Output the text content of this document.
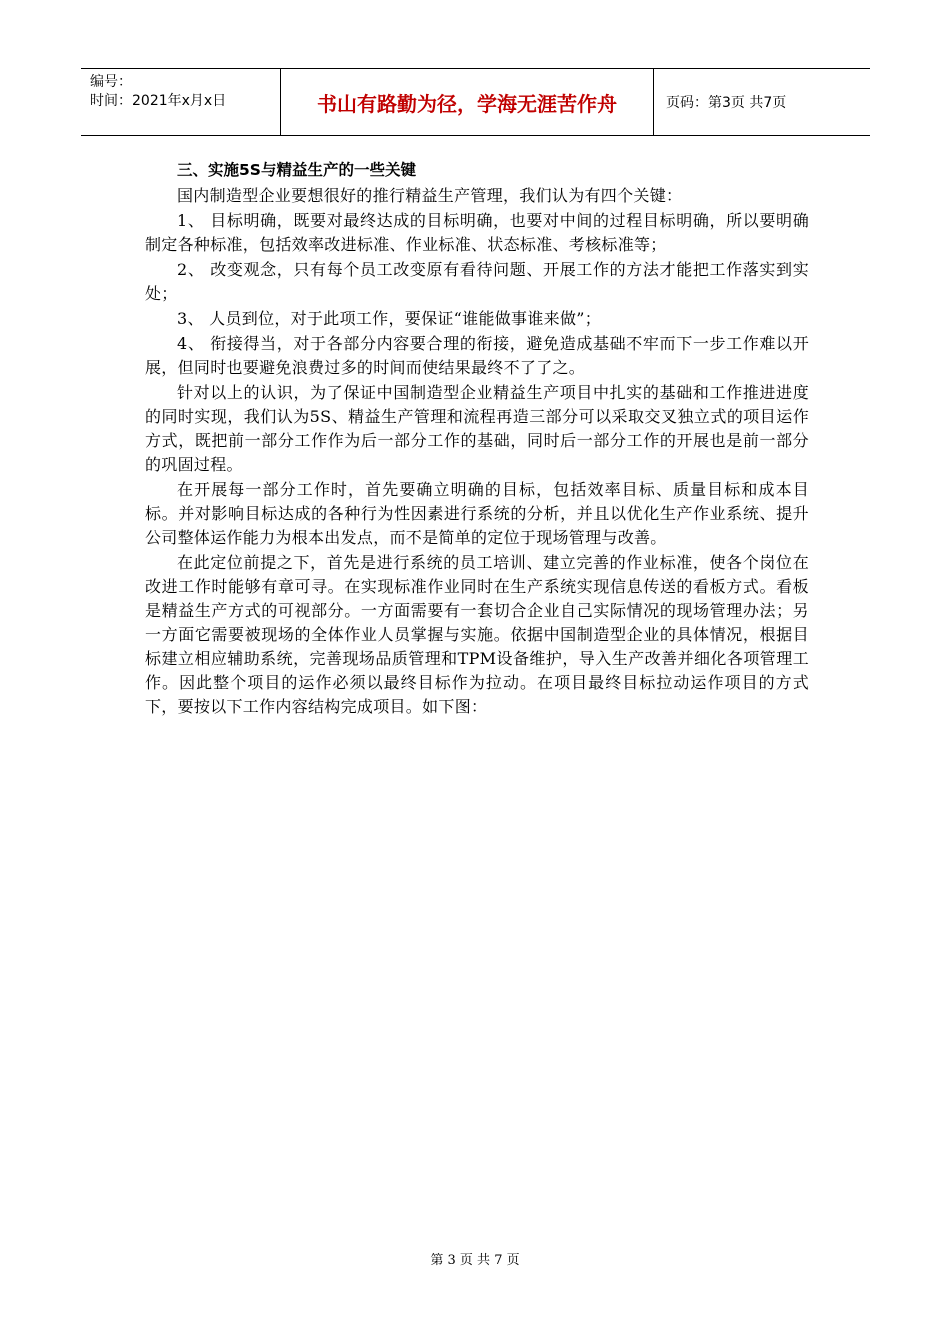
编号：
时间：2021年x月x日	书山有路勤为径，学海无涯苦作舟	页码：第3页 共7页

三、实施5S与精益生产的一些关键

国内制造型企业要想很好的推行精益生产管理，我们认为有四个关键：

1、 目标明确，既要对最终达成的目标明确，也要对中间的过程目标明确，所以要明确制定各种标准，包括效率改进标准、作业标准、状态标准、考核标准等；

2、 改变观念，只有每个员工改变原有看待问题、开展工作的方法才能把工作落实到实处；

3、 人员到位，对于此项工作，要保证“谁能做事谁来做”；

4、 衔接得当，对于各部分内容要合理的衔接，避免造成基础不牢而下一步工作难以开展，但同时也要避免浪费过多的时间而使结果最终不了了之。

针对以上的认识，为了保证中国制造型企业精益生产项目中扎实的基础和工作推进进度的同时实现，我们认为5S、精益生产管理和流程再造三部分可以采取交叉独立式的项目运作方式，既把前一部分工作作为后一部分工作的基础，同时后一部分工作的开展也是前一部分的巩固过程。

在开展每一部分工作时，首先要确立明确的目标，包括效率目标、质量目标和成本目标。并对影响目标达成的各种行为性因素进行系统的分析，并且以优化生产作业系统、提升公司整体运作能力为根本出发点，而不是简单的定位于现场管理与改善。

在此定位前提之下，首先是进行系统的员工培训、建立完善的作业标准，使各个岗位在改进工作时能够有章可寻。在实现标准作业同时在生产系统实现信息传送的看板方式。看板是精益生产方式的可视部分。一方面需要有一套切合企业自己实际情况的现场管理办法；另一方面它需要被现场的全体作业人员掌握与实施。依据中国制造型企业的具体情况，根据目标建立相应辅助系统，完善现场品质管理和TPM设备维护，导入生产改善并细化各项管理工作。因此整个项目的运作必须以最终目标作为拉动。在项目最终目标拉动运作项目的方式下，要按以下工作内容结构完成项目。如下图：

第 3 页 共 7 页
